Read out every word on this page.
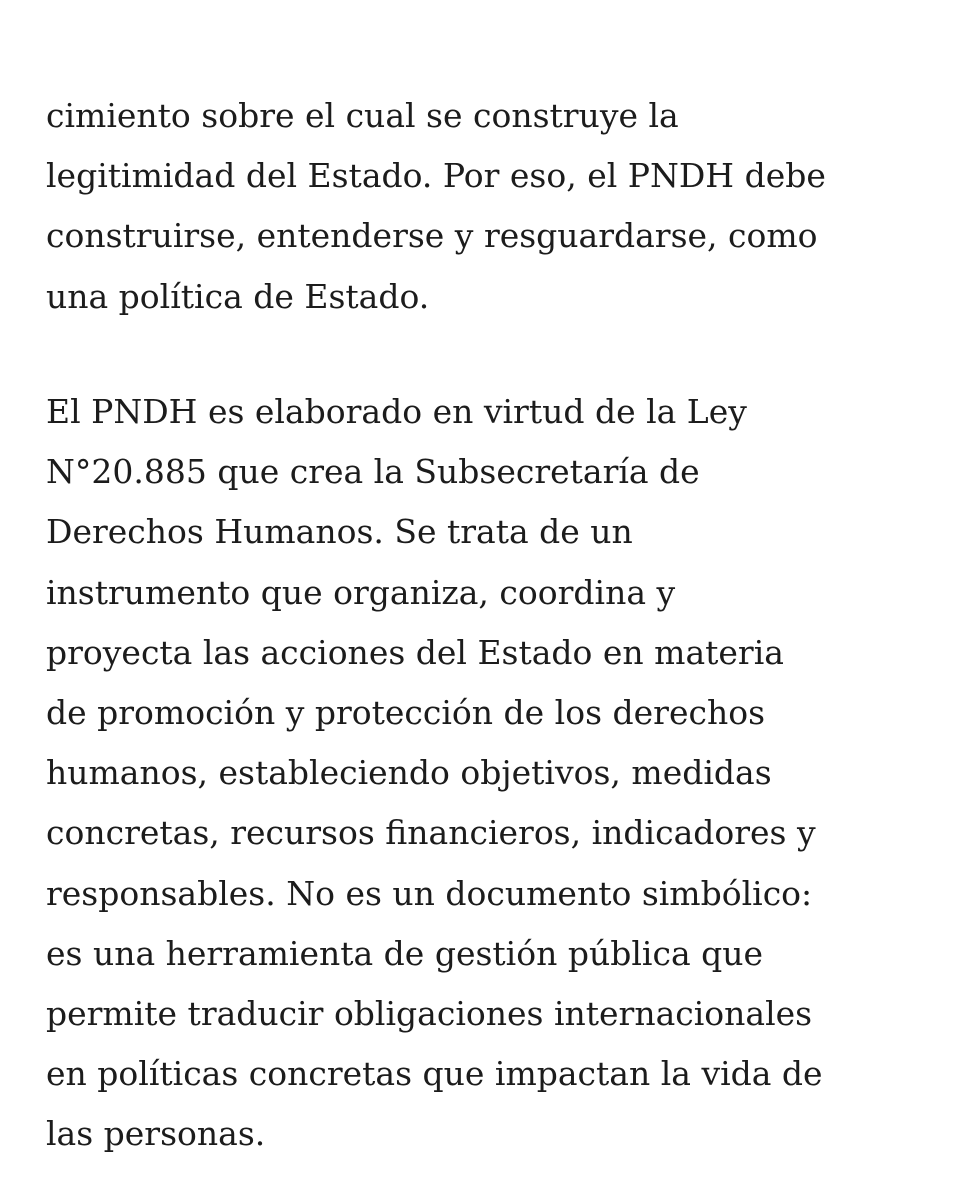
cimiento sobre el cual se construye la
legitimidad del Estado. Por eso, el PNDH debe
construirse, entenderse y resguardarse, como
una política de Estado.

El PNDH es elaborado en virtud de la Ley
N°20.885 que crea la Subsecretaría de
Derechos Humanos. Se trata de un
instrumento que organiza, coordina y
proyecta las acciones del Estado en materia
de promoción y protección de los derechos
humanos, estableciendo objetivos, medidas
concretas, recursos financieros, indicadores y
responsables. No es un documento simbólico:
es una herramienta de gestión pública que
permite traducir obligaciones internacionales
en políticas concretas que impactan la vida de
las personas.
